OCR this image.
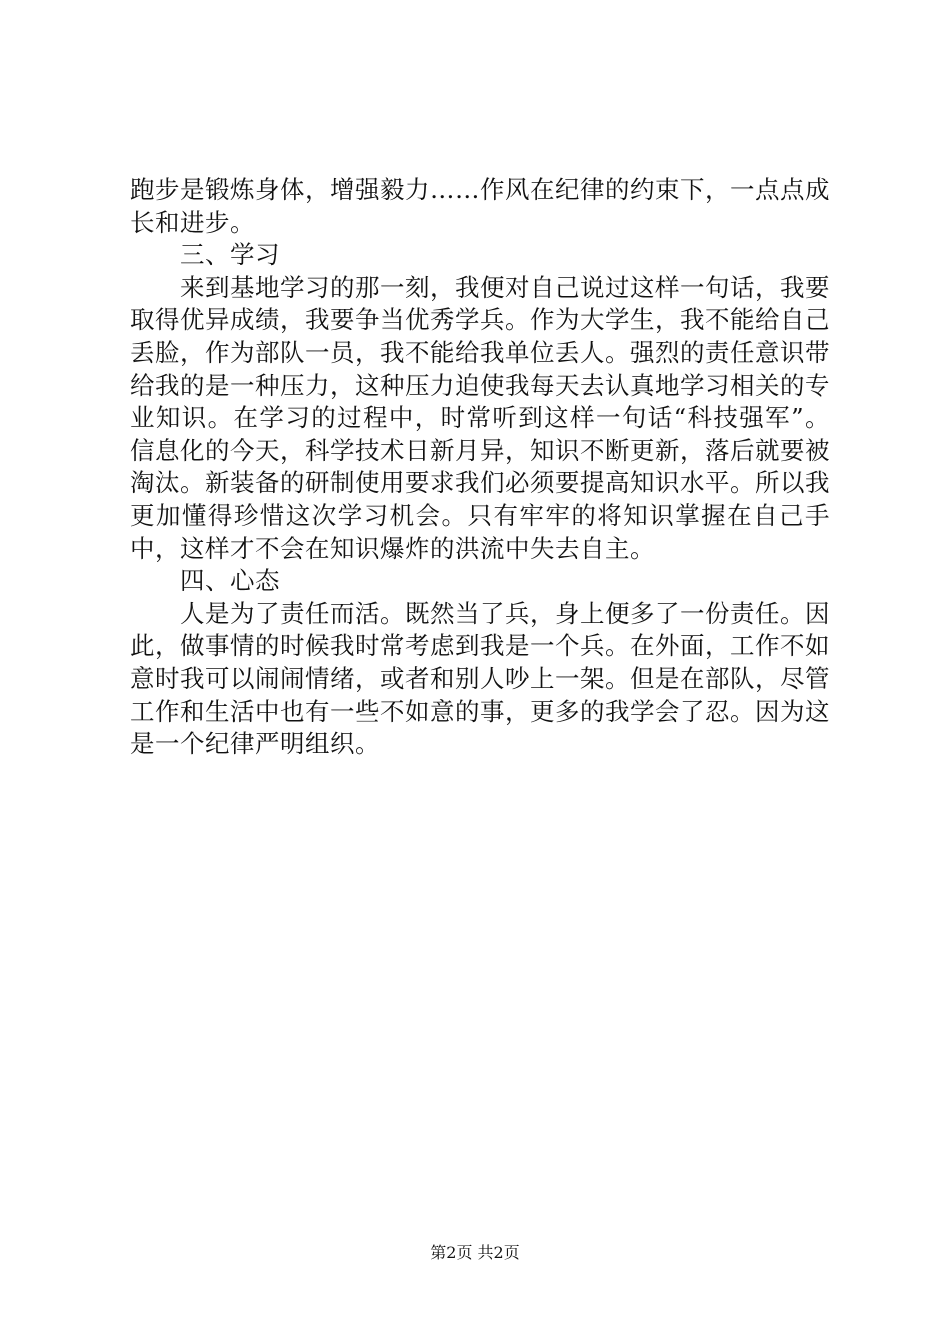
跑步是锻炼身体，增强毅力……作风在纪律的约束下，一点点成长和进步。

三、学习

来到基地学习的那一刻，我便对自己说过这样一句话，我要取得优异成绩，我要争当优秀学兵。作为大学生，我不能给自己丢脸，作为部队一员，我不能给我单位丢人。强烈的责任意识带给我的是一种压力，这种压力迫使我每天去认真地学习相关的专业知识。在学习的过程中，时常听到这样一句话“科技强军”。信息化的今天，科学技术日新月异，知识不断更新，落后就要被淘汰。新装备的研制使用要求我们必须要提高知识水平。所以我更加懂得珍惜这次学习机会。只有牢牢的将知识掌握在自己手中，这样才不会在知识爆炸的洪流中失去自主。

四、心态

人是为了责任而活。既然当了兵，身上便多了一份责任。因此，做事情的时候我时常考虑到我是一个兵。在外面，工作不如意时我可以闹闹情绪，或者和别人吵上一架。但是在部队，尽管工作和生活中也有一些不如意的事，更多的我学会了忍。因为这是一个纪律严明组织。

第2页 共2页
